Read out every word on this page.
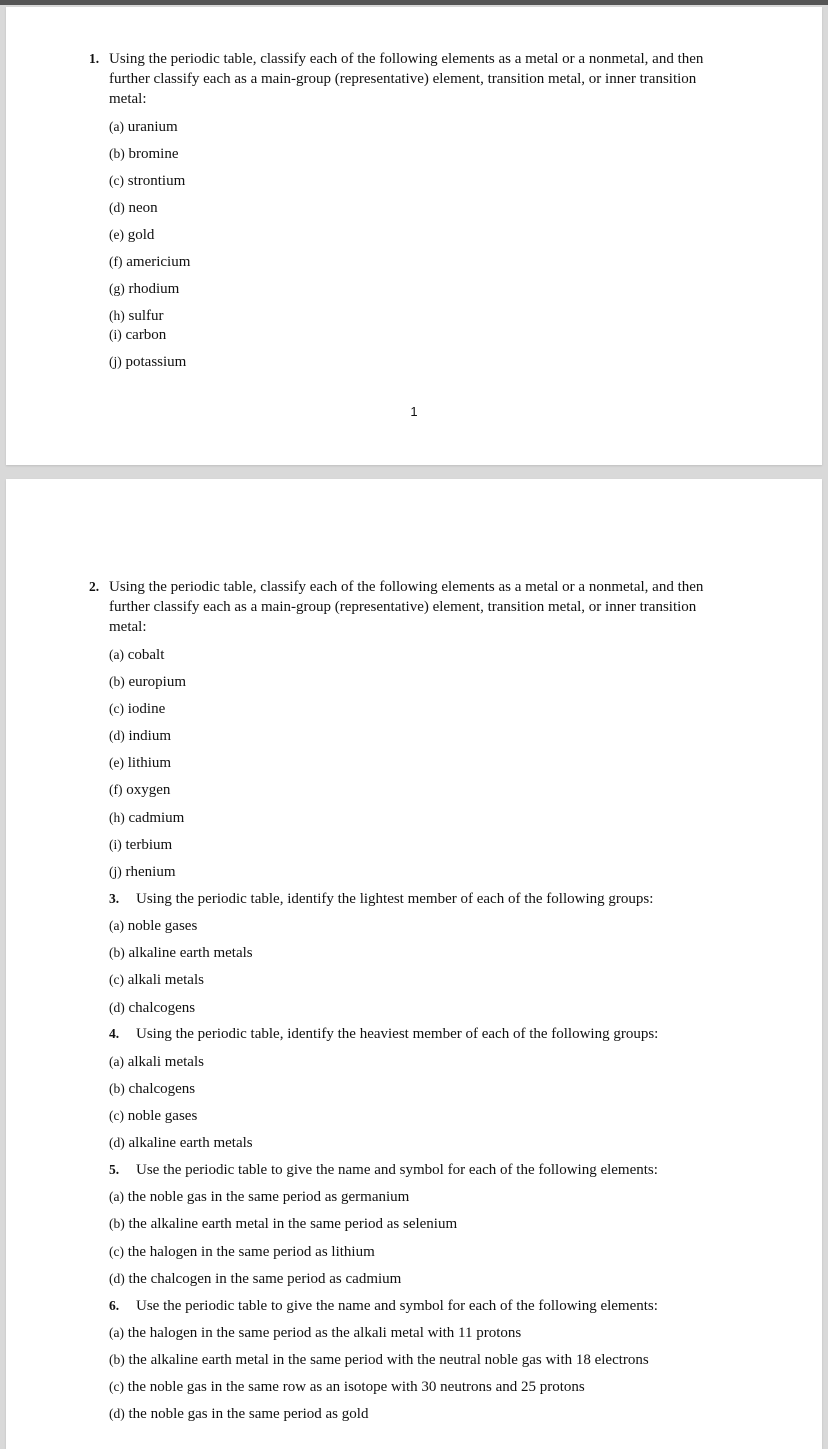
1. Using the periodic table, classify each of the following elements as a metal or a nonmetal, and then further classify each as a main-group (representative) element, transition metal, or inner transition metal:
(a) uranium
(b) bromine
(c) strontium
(d) neon
(e) gold
(f) americium
(g) rhodium
(h) sulfur
(i) carbon
(j) potassium
1
2. Using the periodic table, classify each of the following elements as a metal or a nonmetal, and then further classify each as a main-group (representative) element, transition metal, or inner transition metal:
(a) cobalt
(b) europium
(c) iodine
(d) indium
(e) lithium
(f) oxygen
(h) cadmium
(i) terbium
(j) rhenium
3. Using the periodic table, identify the lightest member of each of the following groups:
(a) noble gases
(b) alkaline earth metals
(c) alkali metals
(d) chalcogens
4. Using the periodic table, identify the heaviest member of each of the following groups:
(a) alkali metals
(b) chalcogens
(c) noble gases
(d) alkaline earth metals
5. Use the periodic table to give the name and symbol for each of the following elements:
(a) the noble gas in the same period as germanium
(b) the alkaline earth metal in the same period as selenium
(c) the halogen in the same period as lithium
(d) the chalcogen in the same period as cadmium
6. Use the periodic table to give the name and symbol for each of the following elements:
(a) the halogen in the same period as the alkali metal with 11 protons
(b) the alkaline earth metal in the same period with the neutral noble gas with 18 electrons
(c) the noble gas in the same row as an isotope with 30 neutrons and 25 protons
(d) the noble gas in the same period as gold
